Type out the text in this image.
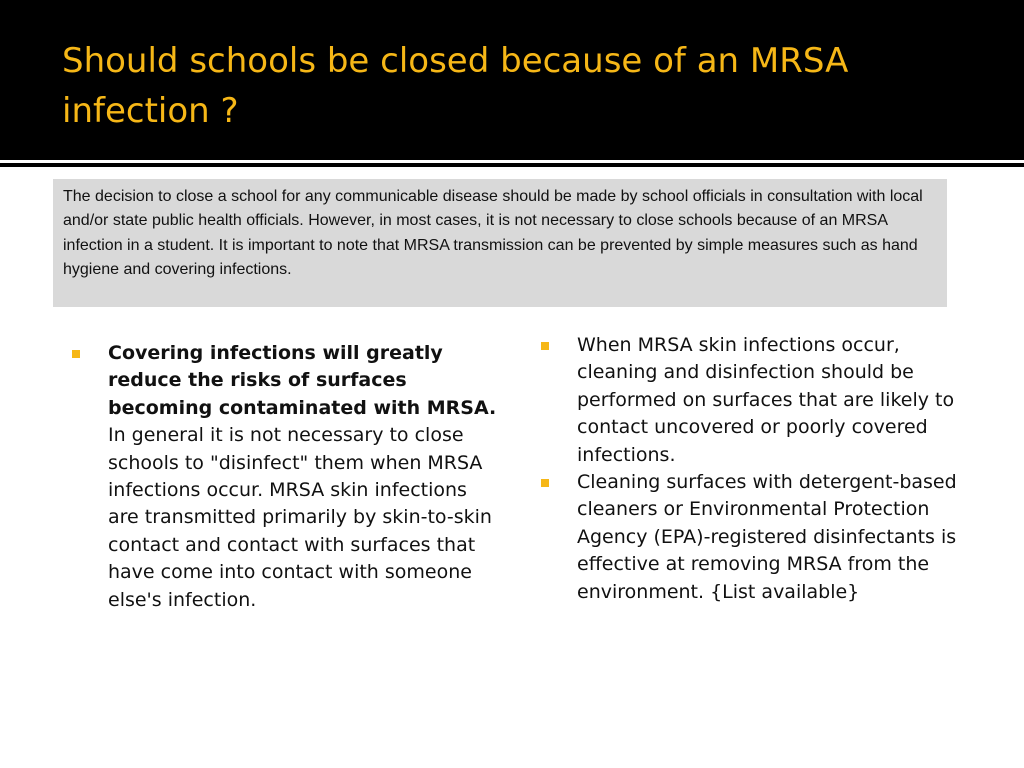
Should schools be closed because of an MRSA infection ?
The decision to close a school for any communicable disease should be made by school officials in consultation with local and/or state public health officials. However, in most cases, it is not necessary to close schools because of an MRSA infection in a student. It is important to note that MRSA transmission can be prevented by simple measures such as hand hygiene and covering infections.
Covering infections will greatly reduce the risks of surfaces becoming contaminated with MRSA. In general it is not necessary to close schools to "disinfect" them when MRSA infections occur. MRSA skin infections are transmitted primarily by skin-to-skin contact and contact with surfaces that have come into contact with someone else's infection.
When MRSA skin infections occur, cleaning and disinfection should be performed on surfaces that are likely to contact uncovered or poorly covered infections.
Cleaning surfaces with detergent-based cleaners or Environmental Protection Agency (EPA)-registered disinfectants is effective at removing MRSA from the environment. {List available}
